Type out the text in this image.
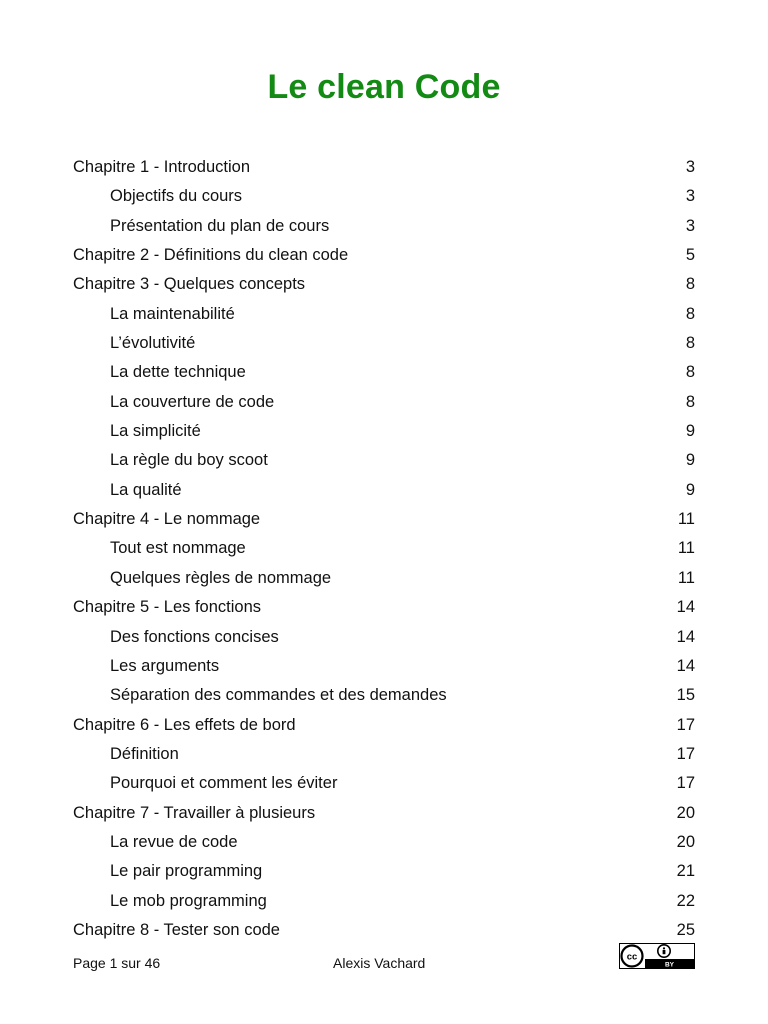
Le clean Code
Chapitre 1 - Introduction	3
Objectifs du cours	3
Présentation du plan de cours	3
Chapitre 2 - Définitions du clean code	5
Chapitre 3 - Quelques concepts	8
La maintenabilité	8
L’évolutivité	8
La dette technique	8
La couverture de code	8
La simplicité	9
La règle du boy scoot	9
La qualité	9
Chapitre 4 - Le nommage	11
Tout est nommage	11
Quelques règles de nommage	11
Chapitre 5 - Les fonctions	14
Des fonctions concises	14
Les arguments	14
Séparation des commandes et des demandes	15
Chapitre 6 - Les effets de bord	17
Définition	17
Pourquoi et comment les éviter	17
Chapitre 7 - Travailler à plusieurs	20
La revue de code	20
Le pair programming	21
Le mob programming	22
Chapitre 8 - Tester son code	25
Page 1 sur 46	Alexis Vachard	cc
BY
